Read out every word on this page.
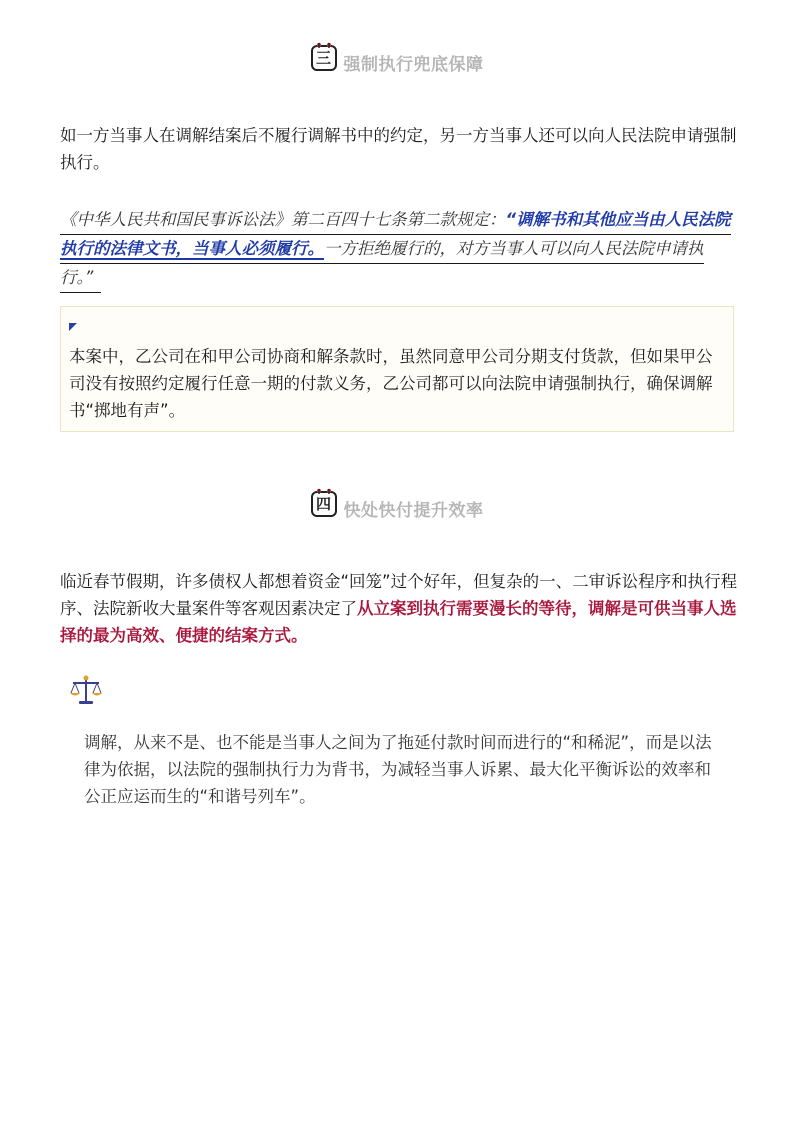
三 强制执行兜底保障

如一方当事人在调解结案后不履行调解书中的约定，另一方当事人还可以向人民法院申请强制执行。

《中华人民共和国民事诉讼法》第二百四十七条第二款规定：“调解书和其他应当由人民法院
执行的法律文书，当事人必须履行。一方拒绝履行的，对方当事人可以向人民法院申请执
行。”

本案中，乙公司在和甲公司协商和解条款时，虽然同意甲公司分期支付货款，但如果甲公司没有按照约定履行任意一期的付款义务，乙公司都可以向法院申请强制执行，确保调解书“掷地有声”。

四 快处快付提升效率

临近春节假期，许多债权人都想着资金“回笼”过个好年，但复杂的一、二审诉讼程序和执行程序、法院新收大量案件等客观因素决定了从立案到执行需要漫长的等待，调解是可供当事人选择的最为高效、便捷的结案方式。

调解，从来不是、也不能是当事人之间为了拖延付款时间而进行的“和稀泥”，而是以法律为依据，以法院的强制执行力为背书，为减轻当事人诉累、最大化平衡诉讼的效率和公正应运而生的“和谐号列车”。
